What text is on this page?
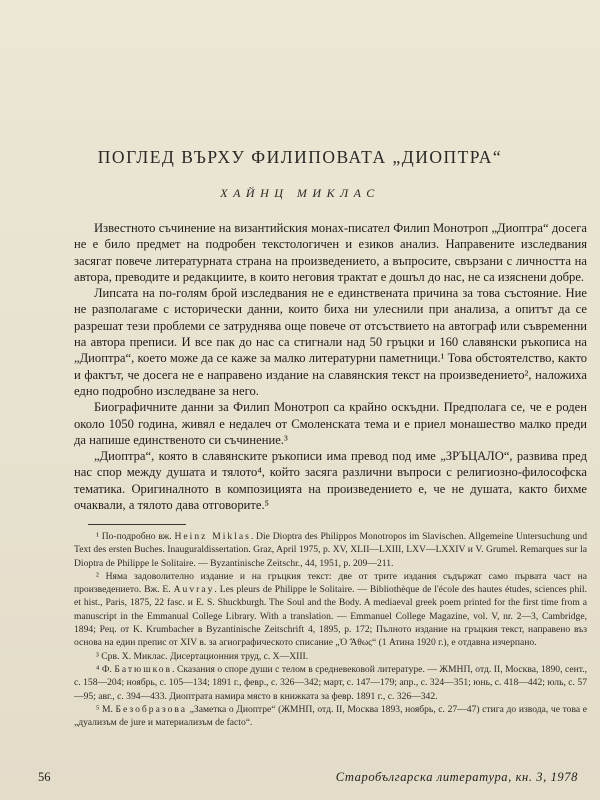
ПОГЛЕД ВЪРХУ ФИЛИПОВАТА „ДИОПТРА“
ХАЙНЦ МИКЛАС

Известното съчинение на византийския монах-писател Филип Монотроп „Диоптра“ досега не е било предмет на подробен текстологичен и езиков анализ. Направените изследвания засягат повече литературната страна на произведението, а въпросите, свързани с личността на автора, преводите и редакциите, в които неговия трактат е дошъл до нас, не са изяснени добре.

Липсата на по-голям брой изследвания не е единствената причина за това състояние. Ние не разполагаме с исторически данни, които биха ни улеснили при анализа, а опитът да се разрешат тези проблеми се затруднява още повече от отсъствието на автограф или съвременни на автора преписи. И все пак до нас са стигнали над 50 гръцки и 160 славянски ръкописа на „Диоптра“, което може да се каже за малко литературни паметници.¹ Това обстоятелство, както и фактът, че досега не е направено издание на славянския текст на произведението², наложиха едно подробно изследване за него.

Биографичните данни за Филип Монотроп са крайно оскъдни. Предполага се, че е роден около 1050 година, живял е недалеч от Смоленската тема и е приел монашество малко преди да напише единственото си съчинение.³

„Диоптра“, която в славянските ръкописи има превод под име „ЗРЪЦАЛО“, развива пред нас спор между душата и тялото⁴, който засяга различни въпроси с религиозно-философска тематика. Оригиналното в композицията на произведението е, че не душата, както бихме очаквали, а тялото дава отговорите.⁵

¹ По-подробно вж. Heinz Miklas. Die Dioptra des Philippos Monotropos im Slavischen. Allgemeine Untersuchung und Text des ersten Buches. Inauguraldissertation. Graz, April 1975, p. XV, XLII—LXIII, LXV—LXXIV и V. Grumel. Remarques sur la Dioptra de Philippe le Solitaire. — Byzantinische Zeitschr., 44, 1951, p. 209—211.

² Няма задоволително издание и на гръцкия текст: две от трите издания съдържат само първата част на произведението. Вж. E. Auvray. Les pleurs de Philippe le Solitaire. — Bibliothèque de l'école des hautes études, sciences phil. et hist., Paris, 1875, 22 fasc. и E. S. Shuckburgh. The Soul and the Body. A mediaeval greek poem printed for the first time from a manuscript in the Emmanual College Library. With a translation. — Emmanuel College Magazine, vol. V, nr. 2—3, Cambridge, 1894; Рец. от K. Krumbacher в Byzantinische Zeitschrift 4, 1895, p. 172; Пълното издание на гръцкия текст, направено въз основа на един препис от XIV в. за агиографическото списание „Ὁ Ἄθως“ (1 Атина 1920 г.), е отдавна изчерпано.

³ Срв. Х. Миклас. Дисертационния труд, с. X—XIII.

⁴ Ф. Батюшков. Сказания о споре души с телом в средневековой литературе. — ЖМНП, отд. II, Москва, 1890, сент., с. 158—204; ноябрь, с. 105—134; 1891 г., февр., с. 326—342; март, с. 147—179; апр., с. 324—351; юнь, с. 418—442; юль, с. 57—95; авг., с. 394—433. Диоптрата намира място в книжката за февр. 1891 г., с. 326—342.

⁵ М. Безобразова „Заметка о Диоптре“ (ЖМНП, отд. II, Москва 1893, ноябрь, с. 27—47) стига до извода, че това е „дуализъм de jure и материализъм de facto“.

56	Старобългарска литература, кн. 3, 1978
